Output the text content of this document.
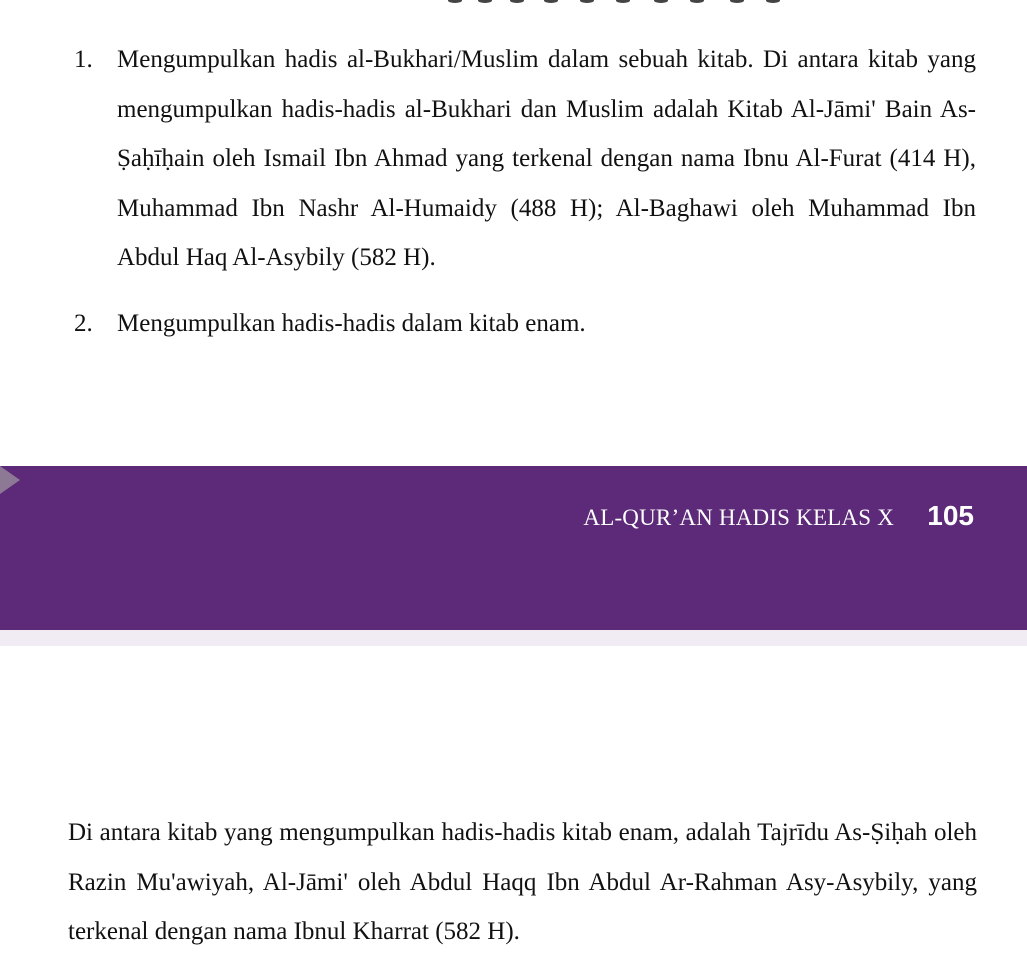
1. Mengumpulkan hadis al-Bukhari/Muslim dalam sebuah kitab. Di antara kitab yang mengumpulkan hadis-hadis al-Bukhari dan Muslim adalah Kitab Al-Jāmi' Bain As-Ṣaḥīḥain oleh Ismail Ibn Ahmad yang terkenal dengan nama Ibnu Al-Furat (414 H), Muhammad Ibn Nashr Al-Humaidy (488 H); Al-Baghawi oleh Muhammad Ibn Abdul Haq Al-Asybily (582 H).
2. Mengumpulkan hadis-hadis dalam kitab enam.
AL-QUR’AN HADIS KELAS X 105
Di antara kitab yang mengumpulkan hadis-hadis kitab enam, adalah Tajrīdu As-Ṣiḥah oleh Razin Mu'awiyah, Al-Jāmi' oleh Abdul Haqq Ibn Abdul Ar-Rahman Asy-Asybily, yang terkenal dengan nama Ibnul Kharrat (582 H).
